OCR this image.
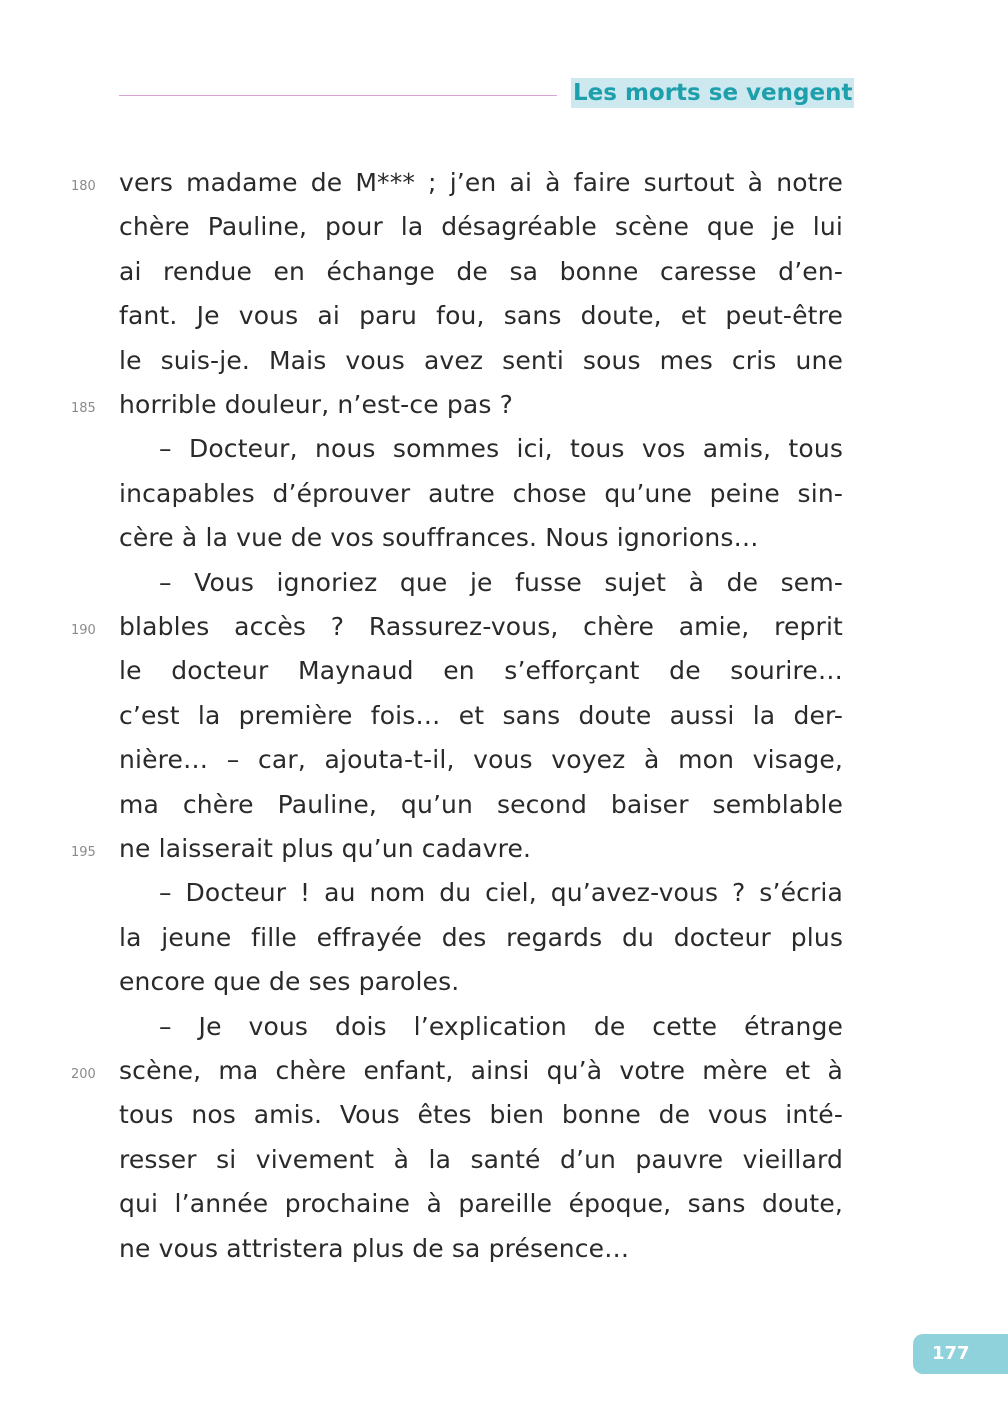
Les morts se vengent
vers madame de M*** ; j’en ai à faire surtout à notre
chère Pauline, pour la désagréable scène que je lui
ai rendue en échange de sa bonne caresse d’en-
fant. Je vous ai paru fou, sans doute, et peut-être
le suis-je. Mais vous avez senti sous mes cris une
horrible douleur, n’est-ce pas ?
– Docteur, nous sommes ici, tous vos amis, tous
incapables d’éprouver autre chose qu’une peine sin-
cère à la vue de vos souffrances. Nous ignorions…
– Vous ignoriez que je fusse sujet à de sem-
blables accès ? Rassurez-vous, chère amie, reprit
le docteur Maynaud en s’efforçant de sourire…
c’est la première fois… et sans doute aussi la der-
nière… – car, ajouta-t-il, vous voyez à mon visage,
ma chère Pauline, qu’un second baiser semblable
ne laisserait plus qu’un cadavre.
– Docteur ! au nom du ciel, qu’avez-vous ? s’écria
la jeune fille effrayée des regards du docteur plus
encore que de ses paroles.
– Je vous dois l’explication de cette étrange
scène, ma chère enfant, ainsi qu’à votre mère et à
tous nos amis. Vous êtes bien bonne de vous inté-
resser si vivement à la santé d’un pauvre vieillard
qui l’année prochaine à pareille époque, sans doute,
ne vous attristera plus de sa présence…
180
185
190
195
200
177
